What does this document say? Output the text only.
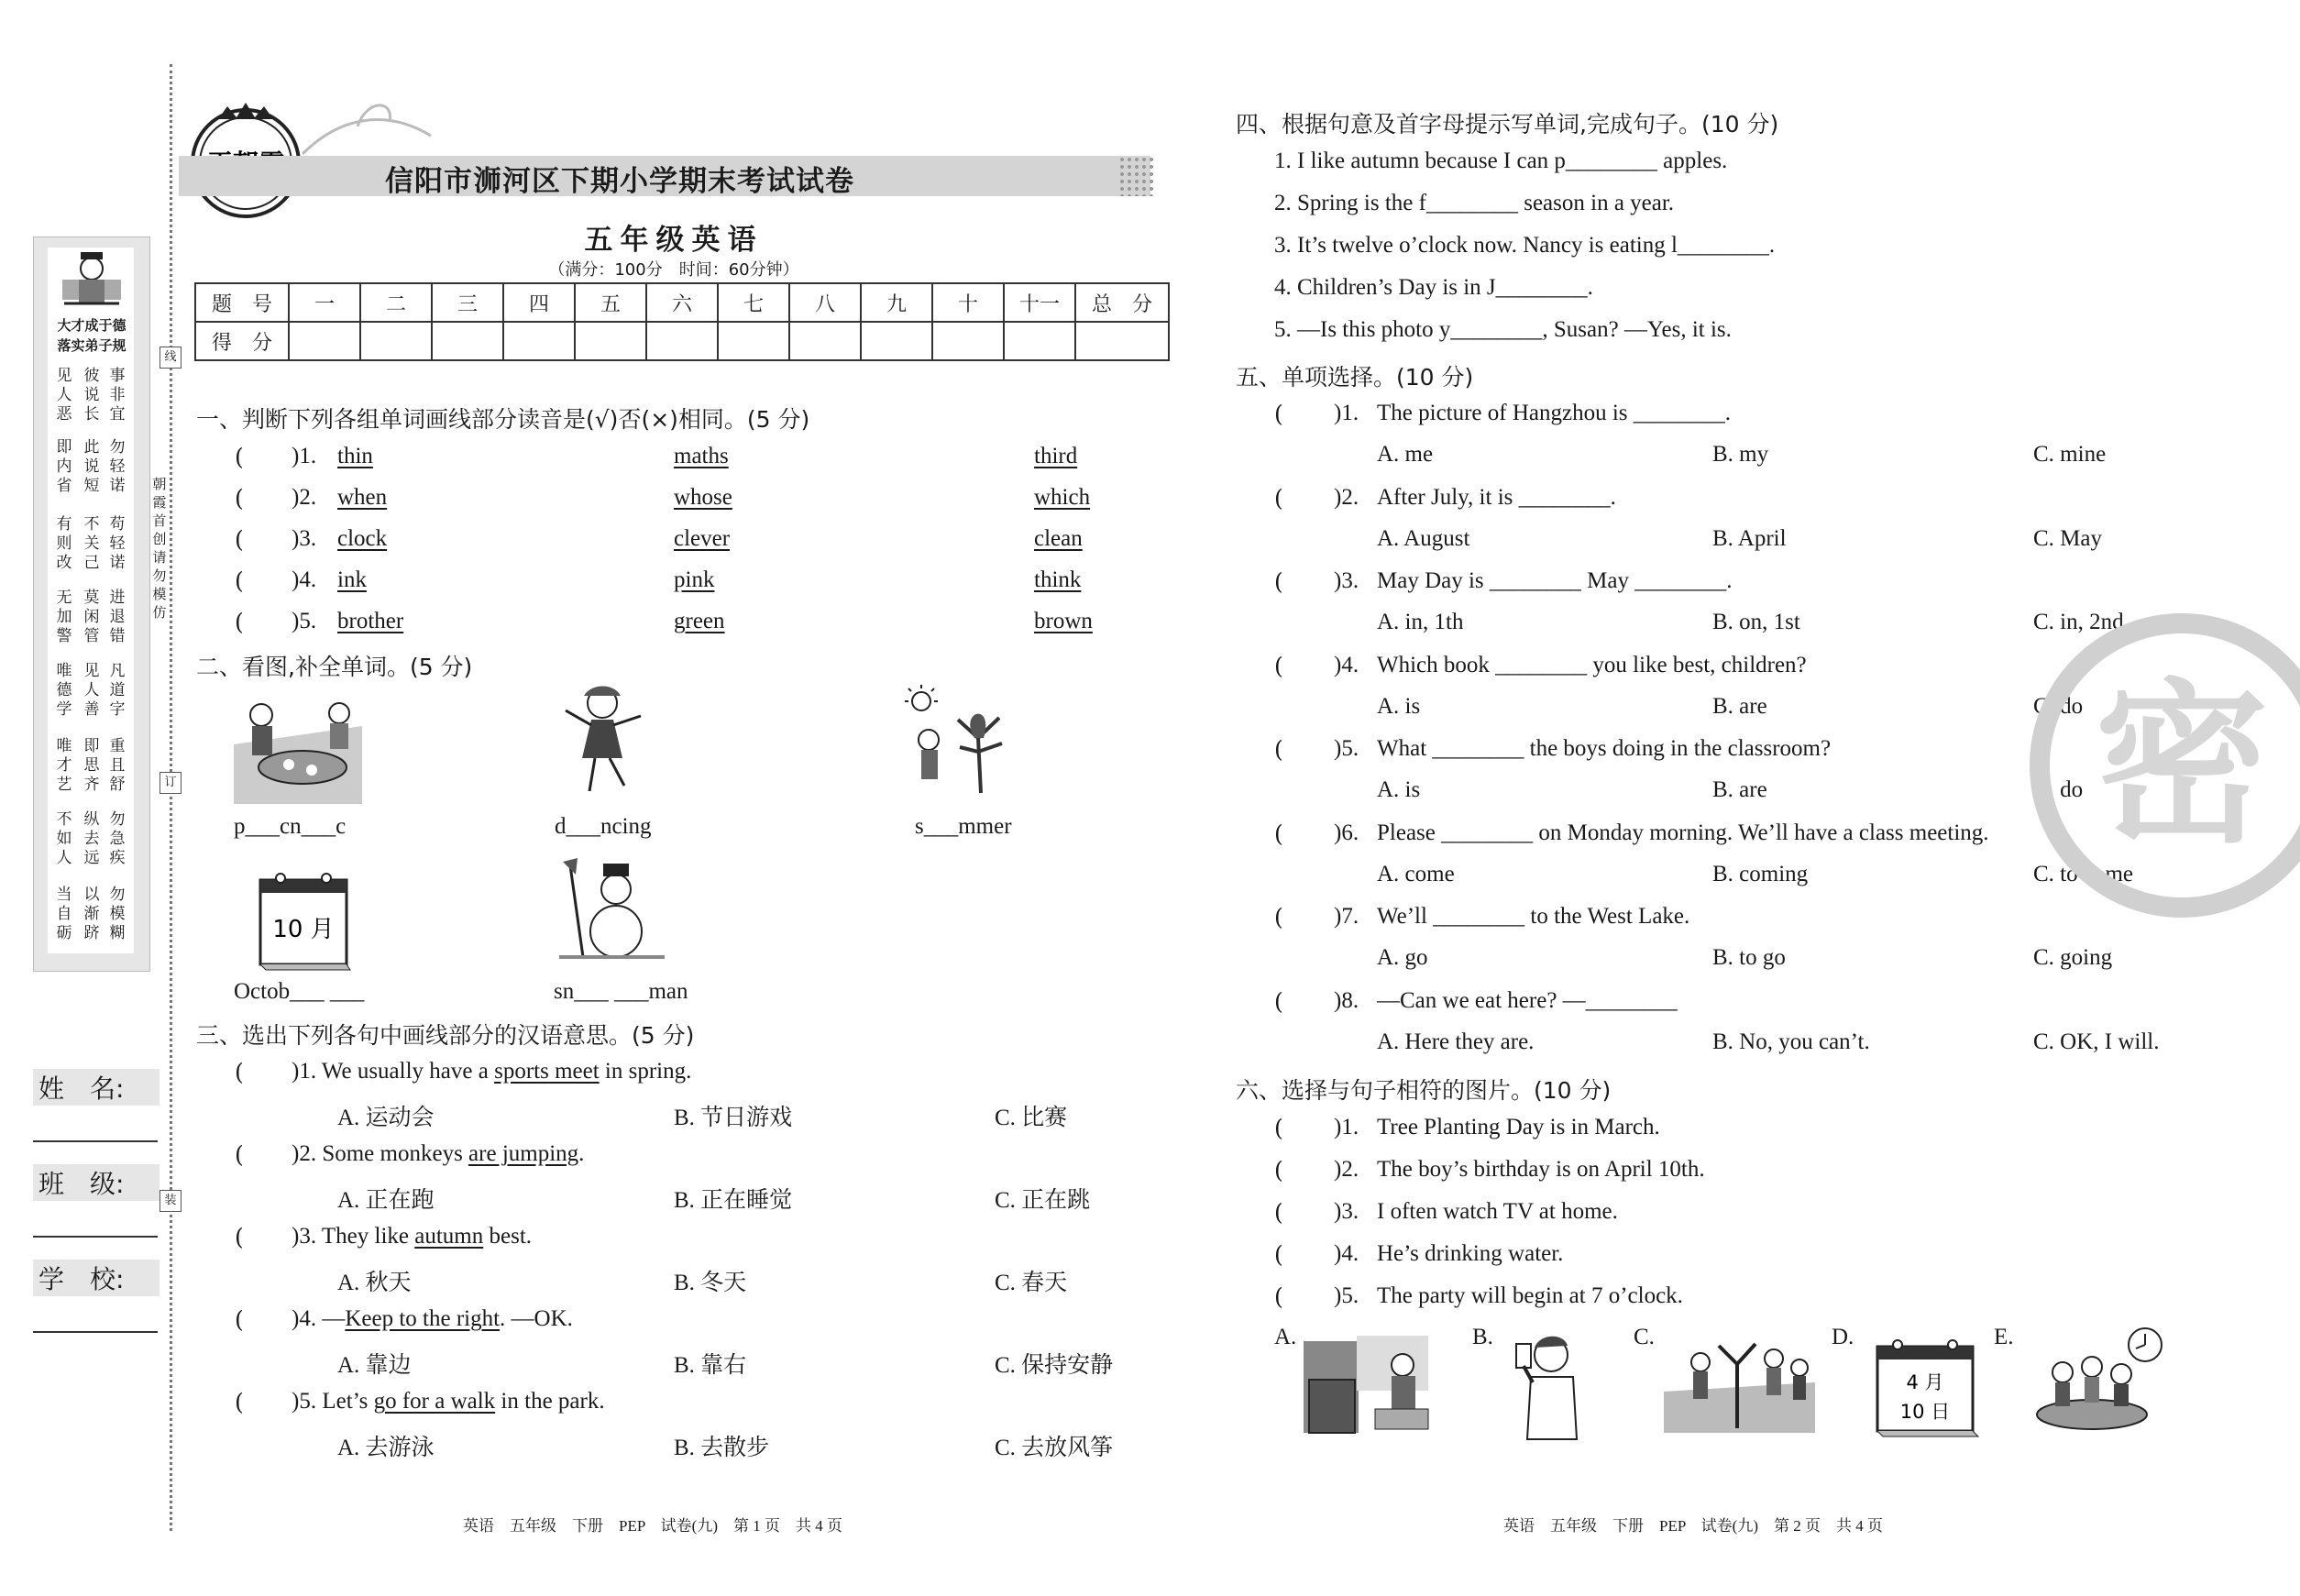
大才成于德
落实弟子规
见人恶
彼说长
事非宜
即内省
此说短
勿轻诺
有则改
不关己
苟轻诺
无加警
莫闲管
进退错
唯德学
见人善
凡道字
唯才艺
即思齐
重且舒
不如人
纵去远
勿急疾
当自砺
以渐跻
勿模糊
朝霞首创　请勿模仿
线
订
装
姓　名:
班　级:
学　校:
信阳市浉河区下期小学期末考试试卷
五年级英语
（满分：100分　时间：60分钟）
题　号	一	二	三	四	五	六	七	八	九	十	十一	总　分
得　分												
一、判断下列各组单词画线部分读音是(√)否(×)相同。(5 分)
( )1. thin	maths	third
( )2. when	whose	which
( )3. clock	clever	clean
( )4. ink	pink	think
( )5. brother	green	brown
二、看图,补全单词。(5 分)
10 月
p___cn___c	d___ncing	s___mmer
Octob___ ___	sn___ ___man
三、选出下列各句中画线部分的汉语意思。(5 分)
( )1. We usually have a sports meet in spring.
A. 运动会	B. 节日游戏	C. 比赛
( )2. Some monkeys are jumping.
A. 正在跑	B. 正在睡觉	C. 正在跳
( )3. They like autumn best.
A. 秋天	B. 冬天	C. 春天
( )4. —Keep to the right. —OK.
A. 靠边	B. 靠右	C. 保持安静
( )5. Let’s go for a walk in the park.
A. 去游泳	B. 去散步	C. 去放风筝
四、根据句意及首字母提示写单词,完成句子。(10 分)
1. I like autumn because I can p________ apples.
2. Spring is the f________ season in a year.
3. It’s twelve o’clock now. Nancy is eating l________.
4. Children’s Day is in J________.
5. —Is this photo y________, Susan? —Yes, it is.
五、单项选择。(10 分)
( )1. The picture of Hangzhou is ________.
A. me	B. my	C. mine
( )2. After July, it is ________.
A. August	B. April	C. May
( )3. May Day is ________ May ________.
A. in, 1th	B. on, 1st	C. in, 2nd
( )4. Which book ________ you like best, children?
A. is	B. are	C. do
( )5. What ________ the boys doing in the classroom?
A. is	B. are	C. do
( )6. Please ________ on Monday morning. We’ll have a class meeting.
A. come	B. coming	C. to come
( )7. We’ll ________ to the West Lake.
A. go	B. to go	C. going
( )8. —Can we eat here? —________
A. Here they are.	B. No, you can’t.	C. OK, I will.
密
六、选择与句子相符的图片。(10 分)
( )1. Tree Planting Day is in March.
( )2. The boy’s birthday is on April 10th.
( )3. I often watch TV at home.
( )4. He’s drinking water.
( )5. The party will begin at 7 o’clock.
A.	B.	C.	D.	E.
4 月
10 日
英语　五年级　下册　PEP　试卷(九)　第 1 页　共 4 页	英语　五年级　下册　PEP　试卷(九)　第 2 页　共 4 页
